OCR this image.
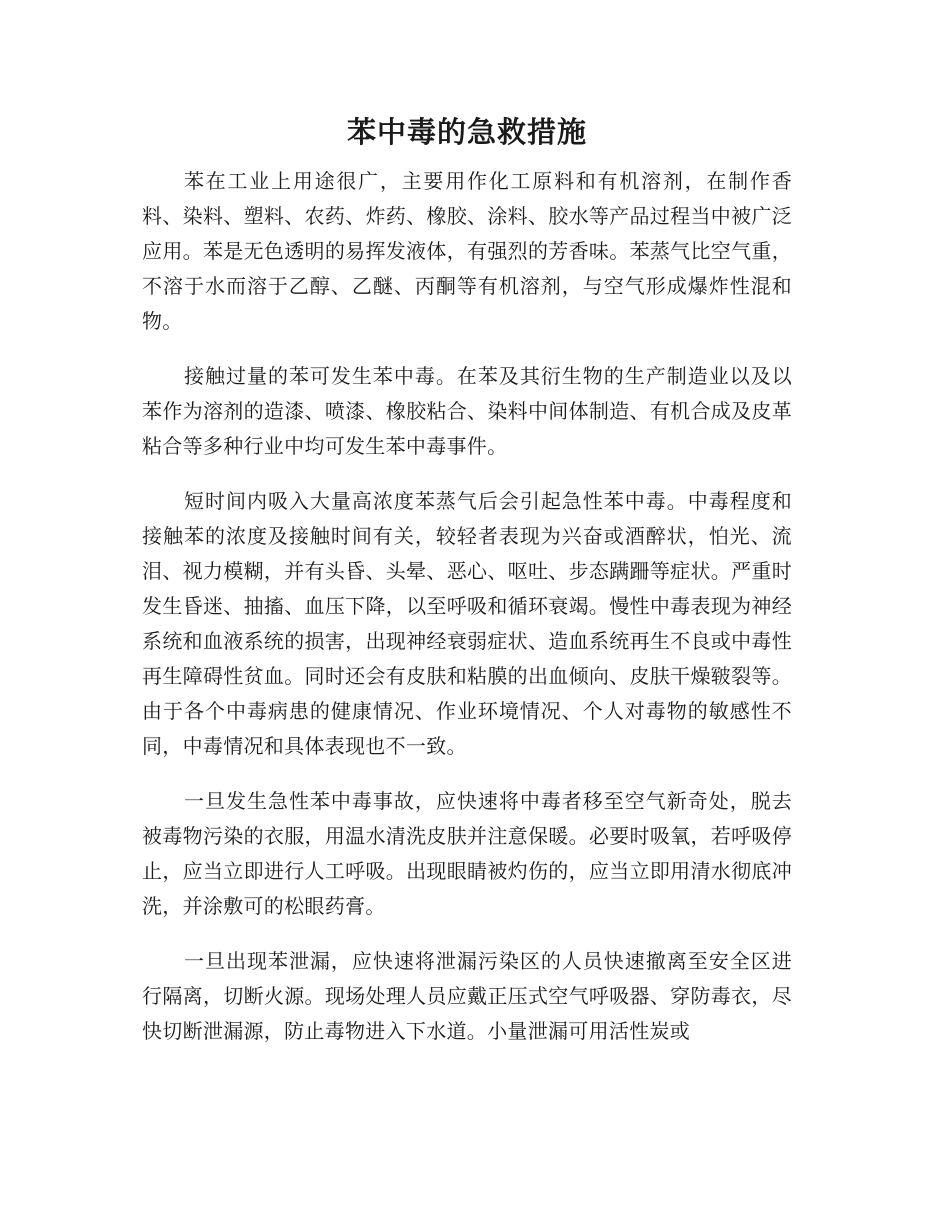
苯中毒的急救措施

苯在工业上用途很广，主要用作化工原料和有机溶剂，在制作香料、染料、塑料、农药、炸药、橡胶、涂料、胶水等产品过程当中被广泛应用。苯是无色透明的易挥发液体，有强烈的芳香味。苯蒸气比空气重，不溶于水而溶于乙醇、乙醚、丙酮等有机溶剂，与空气形成爆炸性混和物。

接触过量的苯可发生苯中毒。在苯及其衍生物的生产制造业以及以苯作为溶剂的造漆、喷漆、橡胶粘合、染料中间体制造、有机合成及皮革粘合等多种行业中均可发生苯中毒事件。

短时间内吸入大量高浓度苯蒸气后会引起急性苯中毒。中毒程度和接触苯的浓度及接触时间有关，较轻者表现为兴奋或酒醉状，怕光、流泪、视力模糊，并有头昏、头晕、恶心、呕吐、步态蹒跚等症状。严重时发生昏迷、抽搐、血压下降，以至呼吸和循环衰竭。慢性中毒表现为神经系统和血液系统的损害，出现神经衰弱症状、造血系统再生不良或中毒性再生障碍性贫血。同时还会有皮肤和粘膜的出血倾向、皮肤干燥皲裂等。由于各个中毒病患的健康情况、作业环境情况、个人对毒物的敏感性不同，中毒情况和具体表现也不一致。

一旦发生急性苯中毒事故，应快速将中毒者移至空气新奇处，脱去被毒物污染的衣服，用温水清洗皮肤并注意保暖。必要时吸氧，若呼吸停止，应当立即进行人工呼吸。出现眼睛被灼伤的，应当立即用清水彻底冲洗，并涂敷可的松眼药膏。

一旦出现苯泄漏，应快速将泄漏污染区的人员快速撤离至安全区进行隔离，切断火源。现场处理人员应戴正压式空气呼吸器、穿防毒衣，尽快切断泄漏源，防止毒物进入下水道。小量泄漏可用活性炭或
